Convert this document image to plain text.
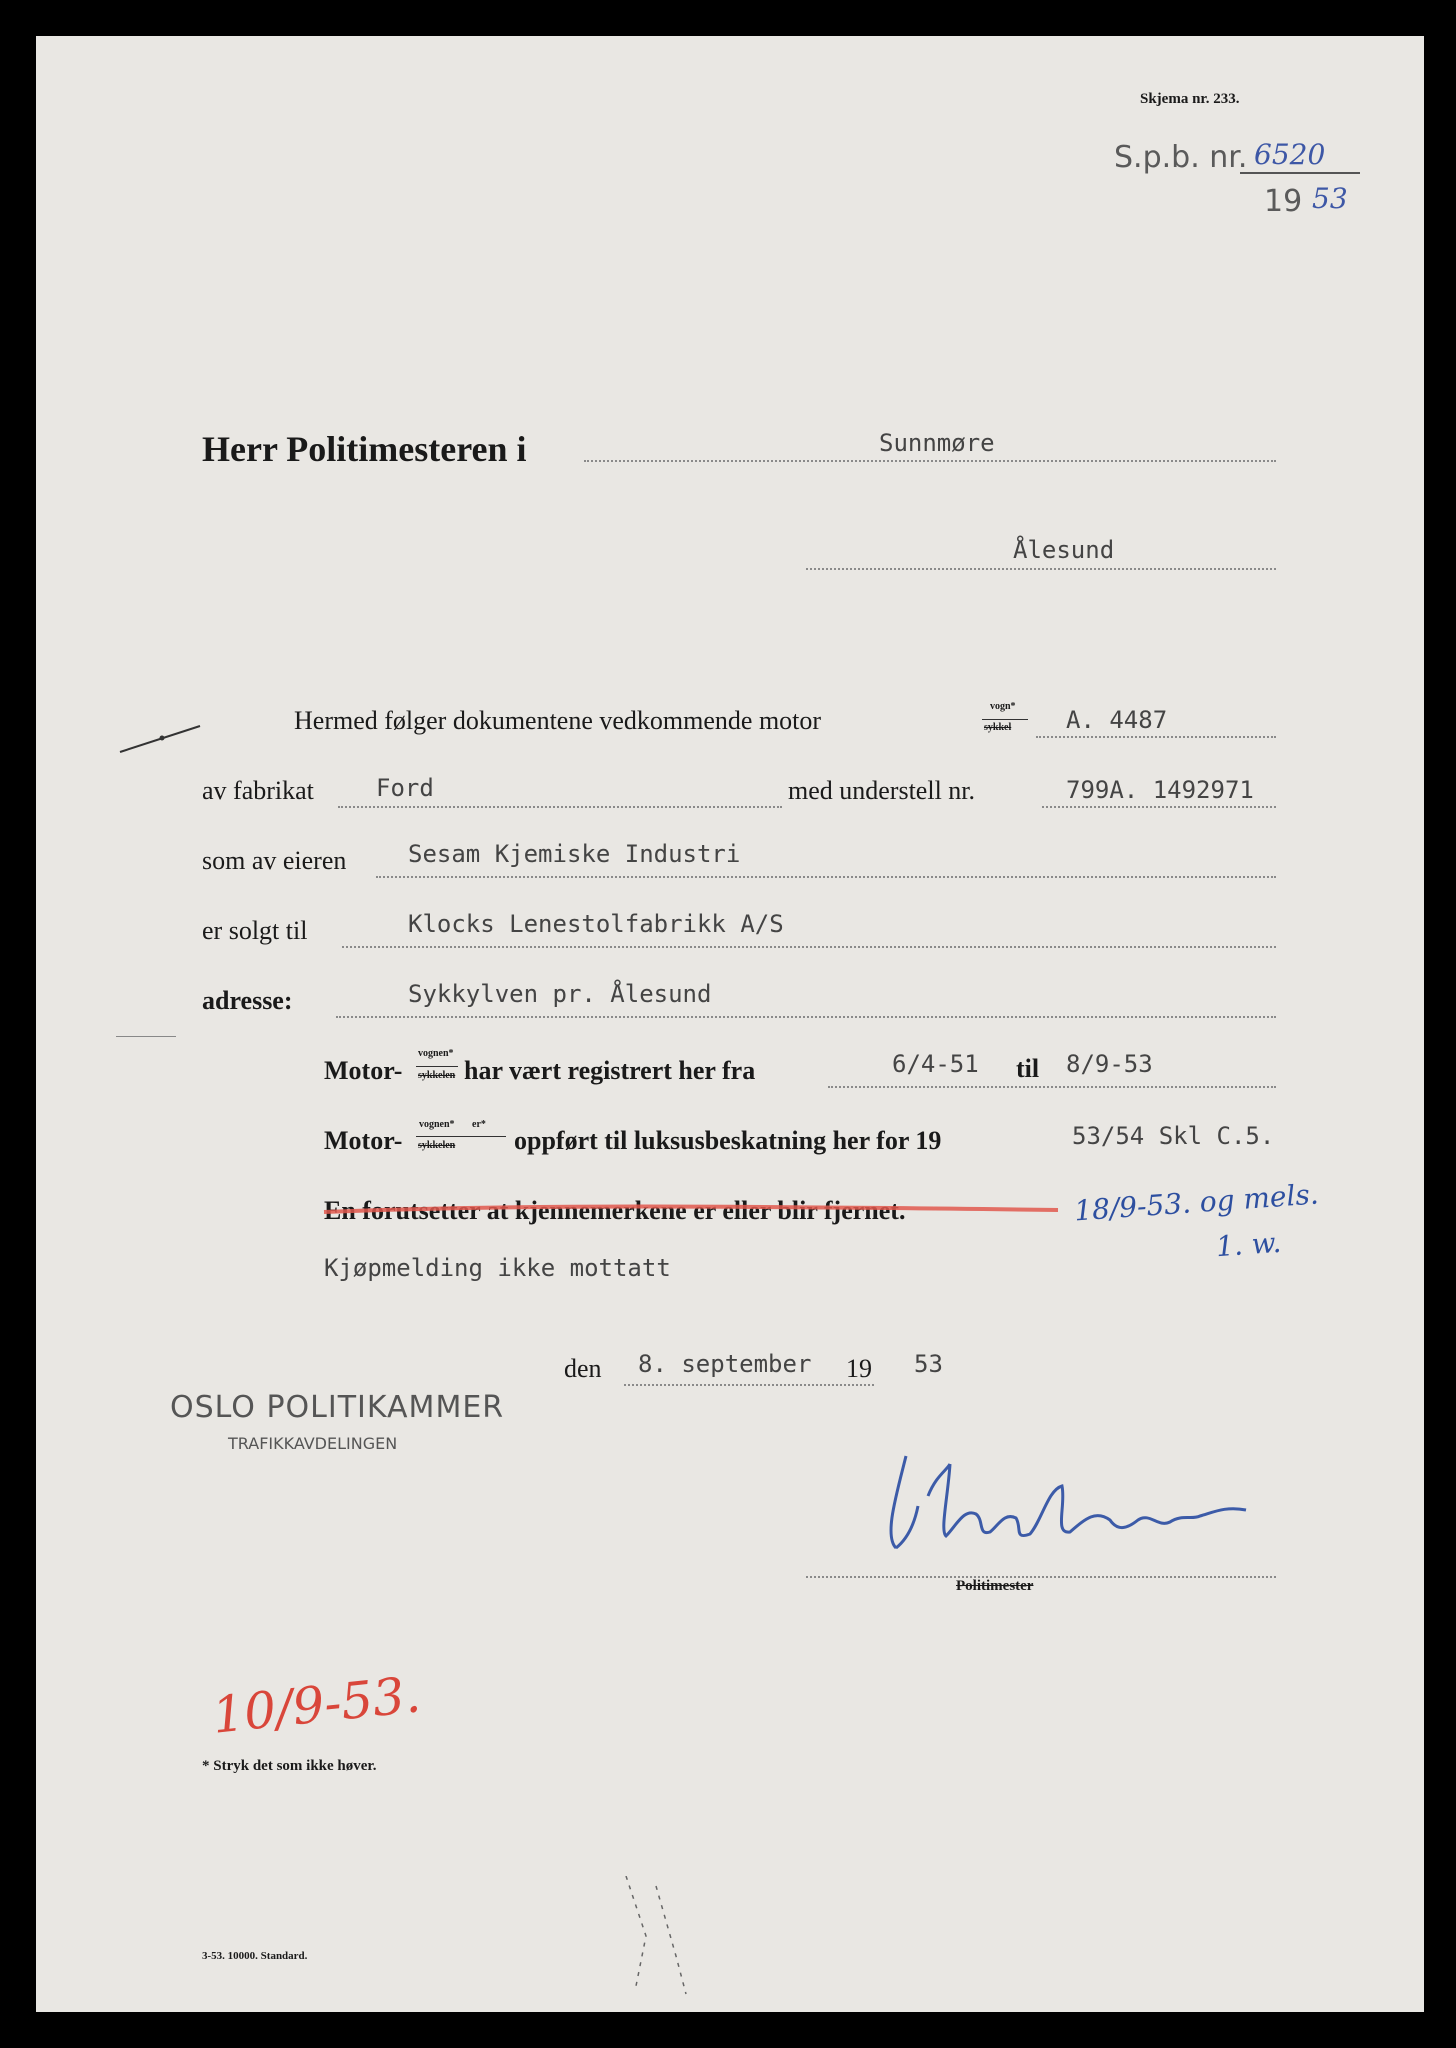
Skjema nr. 233.
S.p.b. nr. 6520
19 53
Herr Politimesteren i	Sunnmøre
Ålesund
Hermed følger dokumentene vedkommende motor	vogn*
sykkel A. 4487
av fabrikat	Ford	med understell nr.	799A. 1492971
som av eieren	Sesam Kjemiske Industri
er solgt til	Klocks Lenestolfabrikk A/S
adresse:	Sykkylven pr. Ålesund
Motor-
vognen*
sykkelen har vært registrert her fra	6/4-51 til 8/9-53
Motor-
vognen* er*
sykkelen oppført til luksusbeskatning her for 19	53/54 Skl C.5.
En forutsetter at kjennemerkene er eller blir fjernet.	18/9-53. og mels.
1. w.
Kjøpmelding ikke mottatt
den 8. september 19 53
OSLO POLITIKAMMER
TRAFIKKAVDELINGEN
Politimester
10/9-53.
* Stryk det som ikke høver.
3-53. 10000. Standard.
